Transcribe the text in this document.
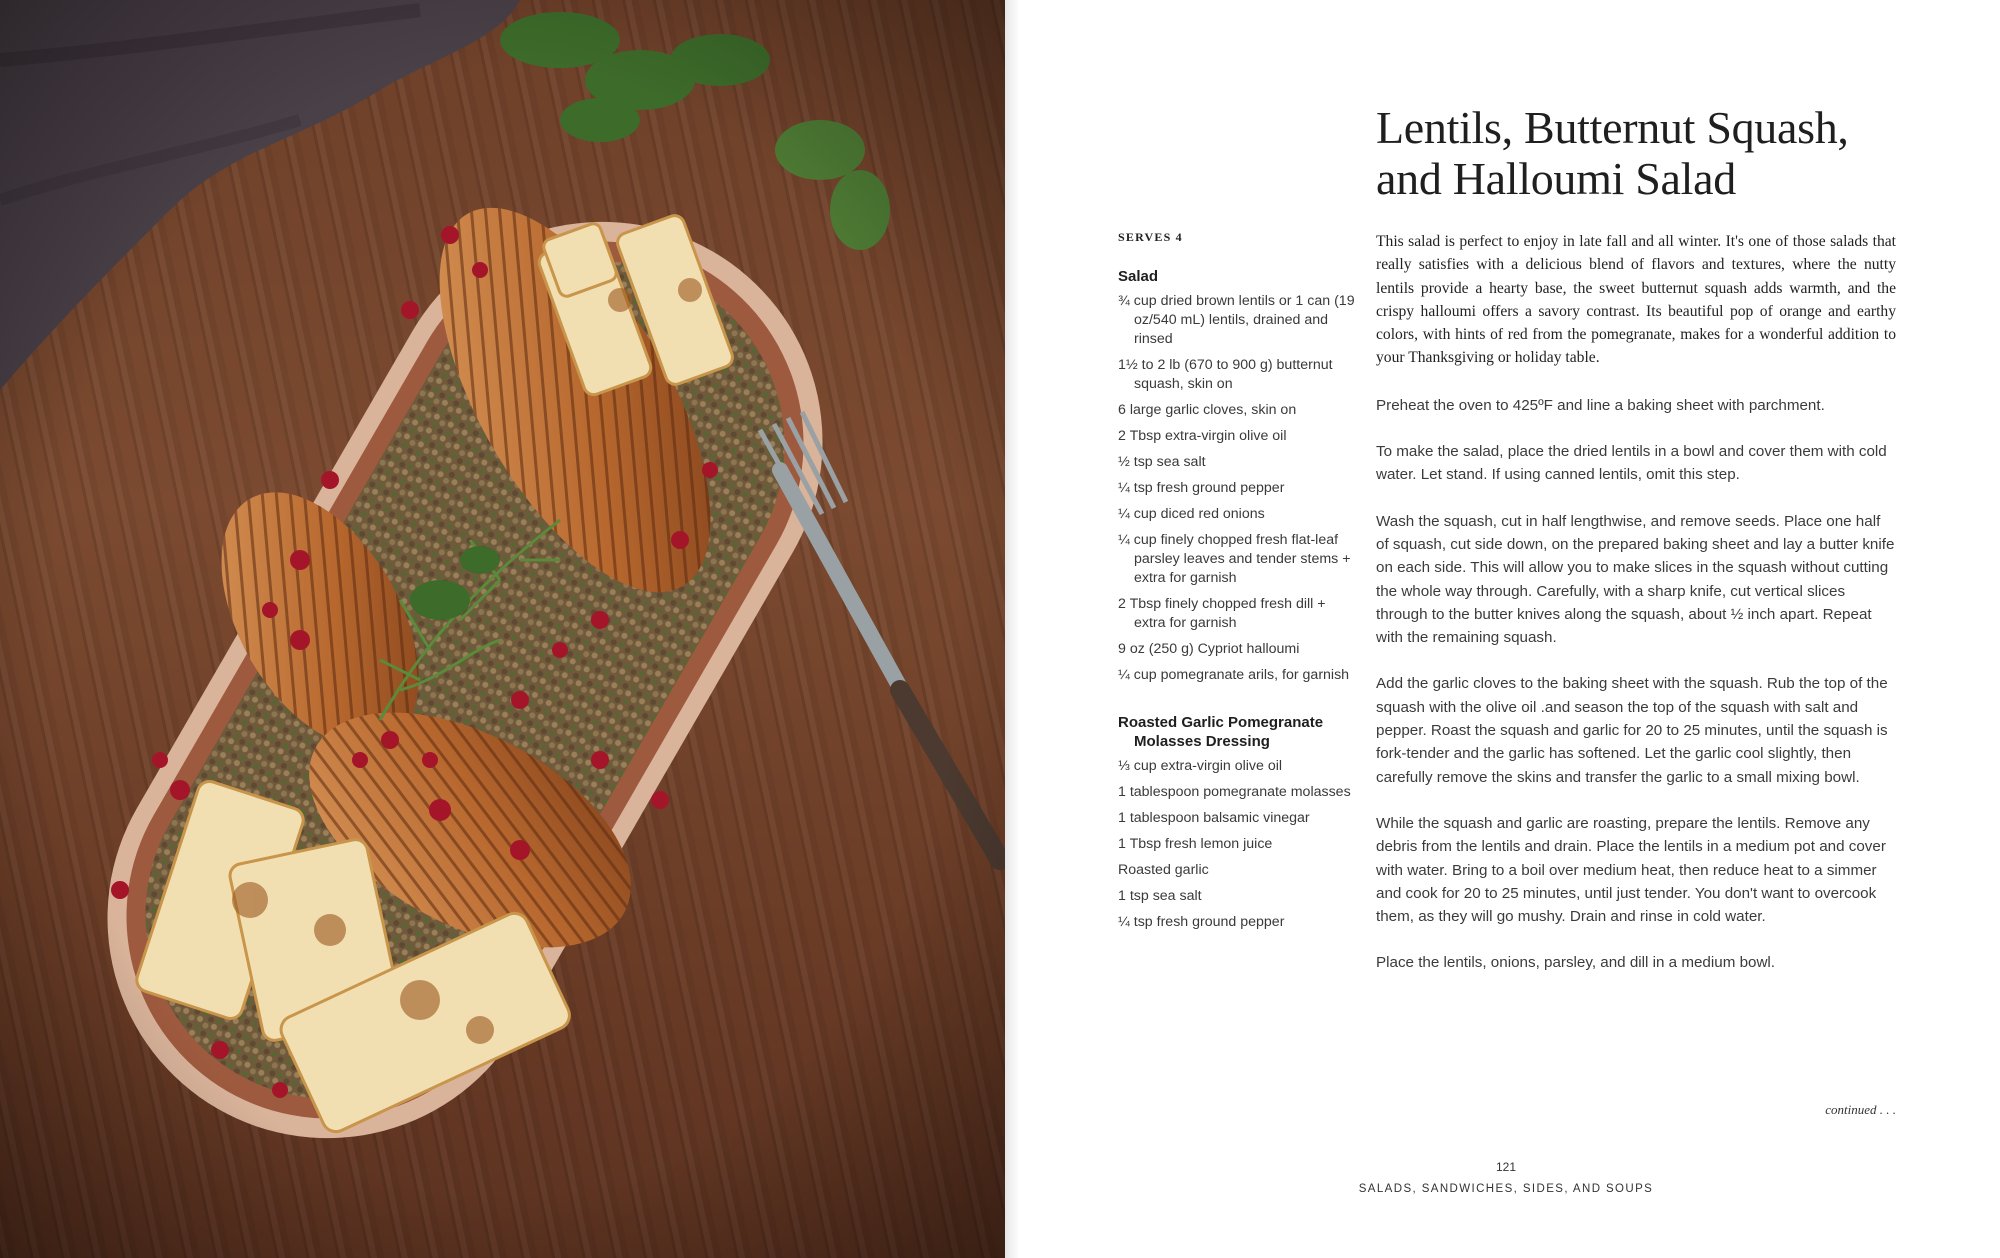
Lentils, Butternut Squash,
and Halloumi Salad

SERVES 4

Salad

¾ cup dried brown lentils or 1 can (19 oz/540 mL) lentils, drained and rinsed
1½ to 2 lb (670 to 900 g) butternut squash, skin on
6 large garlic cloves, skin on
2 Tbsp extra-virgin olive oil
½ tsp sea salt
¼ tsp fresh ground pepper
¼ cup diced red onions
¼ cup finely chopped fresh flat-leaf parsley leaves and tender stems + extra for garnish
2 Tbsp finely chopped fresh dill + extra for garnish
9 oz (250 g) Cypriot halloumi
¼ cup pomegranate arils, for garnish

Roasted Garlic Pomegranate Molasses Dressing

⅓ cup extra-virgin olive oil
1 tablespoon pomegranate molasses
1 tablespoon balsamic vinegar
1 Tbsp fresh lemon juice
Roasted garlic
1 tsp sea salt
¼ tsp fresh ground pepper

This salad is perfect to enjoy in late fall and all winter. It's one of those salads that really satisfies with a delicious blend of flavors and textures, where the nutty lentils provide a hearty base, the sweet butternut squash adds warmth, and the crispy halloumi offers a savory contrast. Its beautiful pop of orange and earthy colors, with hints of red from the pomegranate, makes for a wonderful addition to your Thanksgiving or holiday table.

Preheat the oven to 425ºF and line a baking sheet with parchment.

To make the salad, place the dried lentils in a bowl and cover them with cold water. Let stand. If using canned lentils, omit this step.

Wash the squash, cut in half lengthwise, and remove seeds. Place one half of squash, cut side down, on the prepared baking sheet and lay a butter knife on each side. This will allow you to make slices in the squash without cutting the whole way through. Carefully, with a sharp knife, cut vertical slices through to the butter knives along the squash, about ½ inch apart. Repeat with the remaining squash.

Add the garlic cloves to the baking sheet with the squash. Rub the top of the squash with the olive oil .and season the top of the squash with salt and pepper. Roast the squash and garlic for 20 to 25 minutes, until the squash is fork-tender and the garlic has softened. Let the garlic cool slightly, then carefully remove the skins and transfer the garlic to a small mixing bowl.

While the squash and garlic are roasting, prepare the lentils. Remove any debris from the lentils and drain. Place the lentils in a medium pot and cover with water. Bring to a boil over medium heat, then reduce heat to a simmer and cook for 20 to 25 minutes, until just tender. You don't want to overcook them, as they will go mushy. Drain and rinse in cold water.

Place the lentils, onions, parsley, and dill in a medium bowl.

continued . . .
121
SALADS, SANDWICHES, SIDES, AND SOUPS
